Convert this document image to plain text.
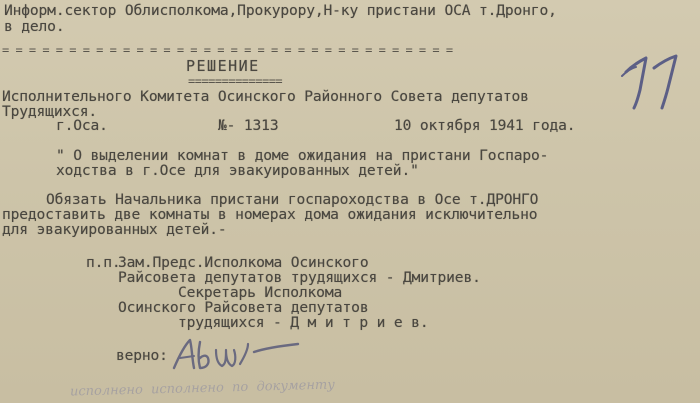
Информ.сектор Облисполкома,Прокурору,Н-ку пристани ОСА т.Дронго,
в дело.
= = = = = = = = = = = = = = = = = = = = = = = = = = = = = = = = = =
РЕШЕНИЕ
==============
Исполнительного Комитета Осинского Районного Совета депутатов
Трудящихся.
г.Оса.	№- 1313	10 октября 1941 года.
" О выделении комнат в доме ожидания на пристани Госпаро-
ходства в г.Осе для эвакуированных детей."
Обязать Начальника пристани госпароходства в Осе т.ДРОНГО
предоставить две комнаты в номерах дома ожидания исключительно
для эвакуированных детей.-
п.п.
Зам.Предс.Исполкома Осинского
Райсовета депутатов трудящихся - Дмитриев.
Секретарь Исполкома
Осинского Райсовета депутатов
трудящихся - Д м и т р и е в.
верно:
исполнено  исполнено  по  документу
